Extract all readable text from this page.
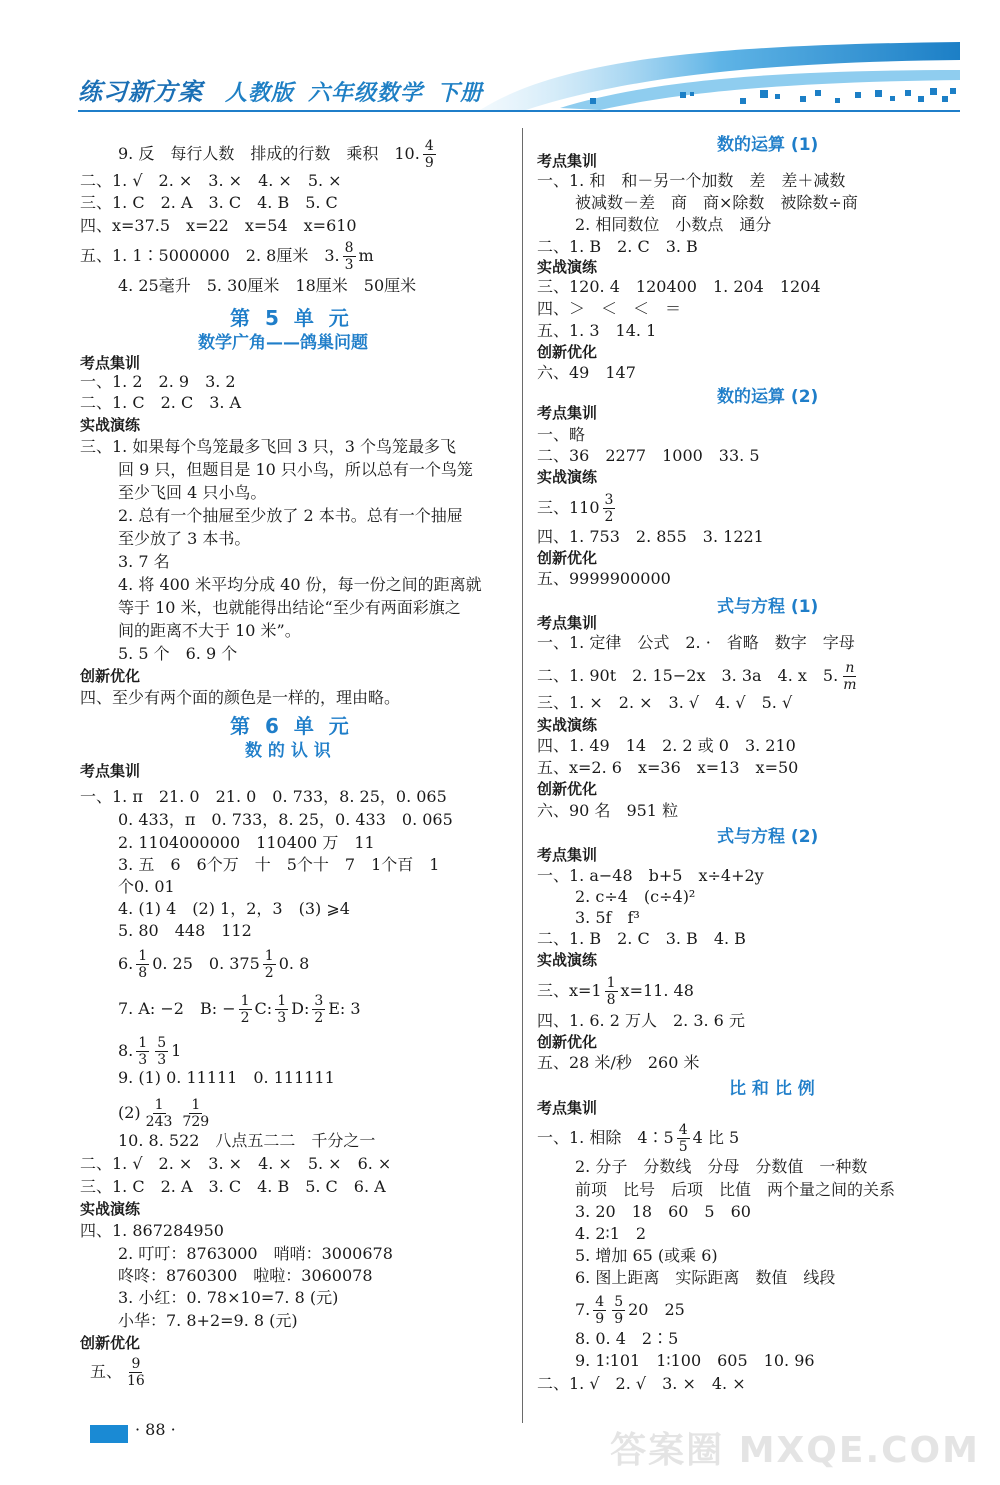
练习新方案 人教版 六年级数学 下册
9. 反　每行人数　排成的行数　乘积　10. $\frac{4}{9}$
二、1. √　2. ×　3. ×　4. ×　5. ×
三、1. C　2. A　3. C　4. B　5. C
四、x=37.5　x=22　x=54　x=610
五、1. 1∶5000000　2. 8厘米　3. $\frac{8}{3}$ m
4. 25毫升　5. 30厘米　18厘米　50厘米
第 5 单 元
数学广角——鸽巢问题
考点集训
一、1. 2　2. 9　3. 2
二、1. C　2. C　3. A
实战演练
三、1. 如果每个鸟笼最多飞回 3 只，3 个鸟笼最多飞
回 9 只，但题目是 10 只小鸟，所以总有一个鸟笼
至少飞回 4 只小鸟。
2. 总有一个抽屉至少放了 2 本书。总有一个抽屉
至少放了 3 本书。
3. 7 名
4. 将 400 米平均分成 40 份，每一份之间的距离就
等于 10 米，也就能得出结论“至少有两面彩旗之
间的距离不大于 10 米”。
5. 5 个　6. 9 个
创新优化
四、至少有两个面的颜色是一样的，理由略。
第 6 单 元
数 的 认 识
考点集训
一、1. π　21. 0　21. 0　0. 733，8. 25，0. 065
0. 433，π　0. 733，8. 25，0. 433　0. 065
2. 1104000000　110400 万　11
3. 五　6　6个万　十　5个十　7　1个百　1
个0. 01
4. (1) 4　(2) 1，2，3　(3) ⩾4
5. 80　448　112
6. $\frac{1}{8} 0$. 25　0. $375 \frac{1}{2} 0$. 8
7. A: −2　B: − $\frac{1}{2} C$: $\frac{1}{3} D$: $\frac{3}{2} E$: 3
8. $\frac{1}{3} \frac{5}{3} 1$
9. (1) 0. 11111　0. 111111
$(2) \frac{1}{243} \frac{1}{729}$
10. 8. 522　八点五二二　千分之一
二、1. √　2. ×　3. ×　4. ×　5. ×　6. ×
三、1. C　2. A　3. C　4. B　5. C　6. A
实战演练
四、1. 867284950
2. 叮叮：8763000　哨哨：3000678
咚咚：8760300　啦啦：3060078
3. 小红：0. 78×10=7. 8 (元)
小华：7. 8+2=9. 8 (元)
创新优化
五、 $\frac{9}{16}$
数的运算 (1)
考点集训
一、1. 和　和－另一个加数　差　差＋减数
被减数－差　商　商×除数　被除数÷商
2. 相同数位　小数点　通分
二、1. B　2. C　3. B
实战演练
三、120. 4　120400　1. 204　1204
四、＞　＜　＜　＝
五、1. 3　14. 1
创新优化
六、49　147
数的运算 (2)
考点集训
一、略
二、36　2277　1000　33. 5
实战演练
三、$110 \frac{3}{2}$
四、1. 753　2. 855　3. 1221
创新优化
五、9999900000
式与方程 (1)
考点集训
一、1. 定律　公式　2. ·　省略　数字　字母
二、1. 90t　2. 15−2x　3. 3a　4. x　5. $\frac{n}{m}$
三、1. ×　2. ×　3. √　4. √　5. √
实战演练
四、1. 49　14　2. 2 或 0　3. 210
五、x=2. 6　x=36　x=13　x=50
创新优化
六、90 名　951 粒
式与方程 (2)
考点集训
一、1. a−48　b+5　x÷4+2y
2. c÷4　(c÷4)²
3. 5f　f³
二、1. B　2. C　3. B　4. B
实战演练
三、$x=1 \frac{1}{8} x=11$. 48
四、1. 6. 2 万人　2. 3. 6 元
创新优化
五、28 米/秒　260 米
比 和 比 例
考点集训
一、1. 相除　4∶5 $\frac{4}{5} 4$ 比 5
2. 分子　分数线　分母　分数值　一种数
前项　比号　后项　比值　两个量之间的关系
3. 20　18　60　5　60
4. 2∶1　2
5. 增加 65 (或乘 6)
6. 图上距离　实际距离　数值　线段
7. $\frac{4}{9} \frac{5}{9} 20$　25
8. 0. 4　2∶5
9. 1∶101　1∶100　605　10. 96
二、1. √　2. √　3. ×　4. ×
· 88 ·
答案圈 MXQE.COM
